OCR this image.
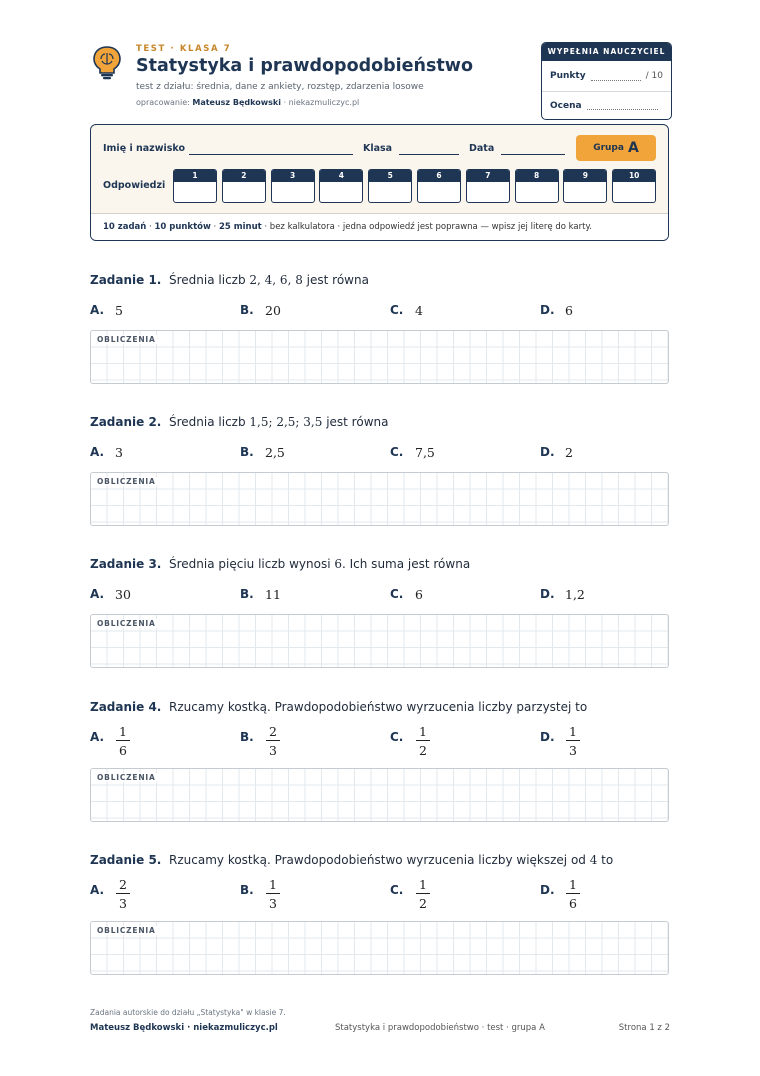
TEST · KLASA 7
Statystyka i prawdopodobieństwo
test z działu: średnia, dane z ankiety, rozstęp, zdarzenia losowe
opracowanie: Mateusz Będkowski · niekazmuliczyc.pl
WYPEŁNIA NAUCZYCIEL
Punkty	/ 10
Ocena
Imię i nazwisko	Klasa	Data	Grupa A
Odpowiedzi
1	2	3	4	5	6	7	8	9	10
10 zadań · 10 punktów · 25 minut · bez kalkulatora · jedna odpowiedź jest poprawna — wpisz jej literę do karty.
Zadanie 1. Średnia liczb 2, 4, 6, 8 jest równa
A. 5	B. 20	C. 4	D. 6
OBLICZENIA
Zadanie 2. Średnia liczb 1,5; 2,5; 3,5 jest równa
A. 3	B. 2,5	C. 7,5	D. 2
OBLICZENIA
Zadanie 3. Średnia pięciu liczb wynosi 6. Ich suma jest równa
A. 30	B. 11	C. 6	D. 1,2
OBLICZENIA
Zadanie 4. Rzucamy kostką. Prawdopodobieństwo wyrzucenia liczby parzystej to
A. 1
6
B. 2
3
C. 1
2
D. 1
3
OBLICZENIA
Zadanie 5. Rzucamy kostką. Prawdopodobieństwo wyrzucenia liczby większej od 4 to
A. 2
3
B. 1
3
C. 1
2
D. 1
6
OBLICZENIA
Zadania autorskie do działu „Statystyka" w klasie 7.
Mateusz Będkowski · niekazmuliczyc.pl	Statystyka i prawdopodobieństwo · test · grupa A	Strona 1 z 2
